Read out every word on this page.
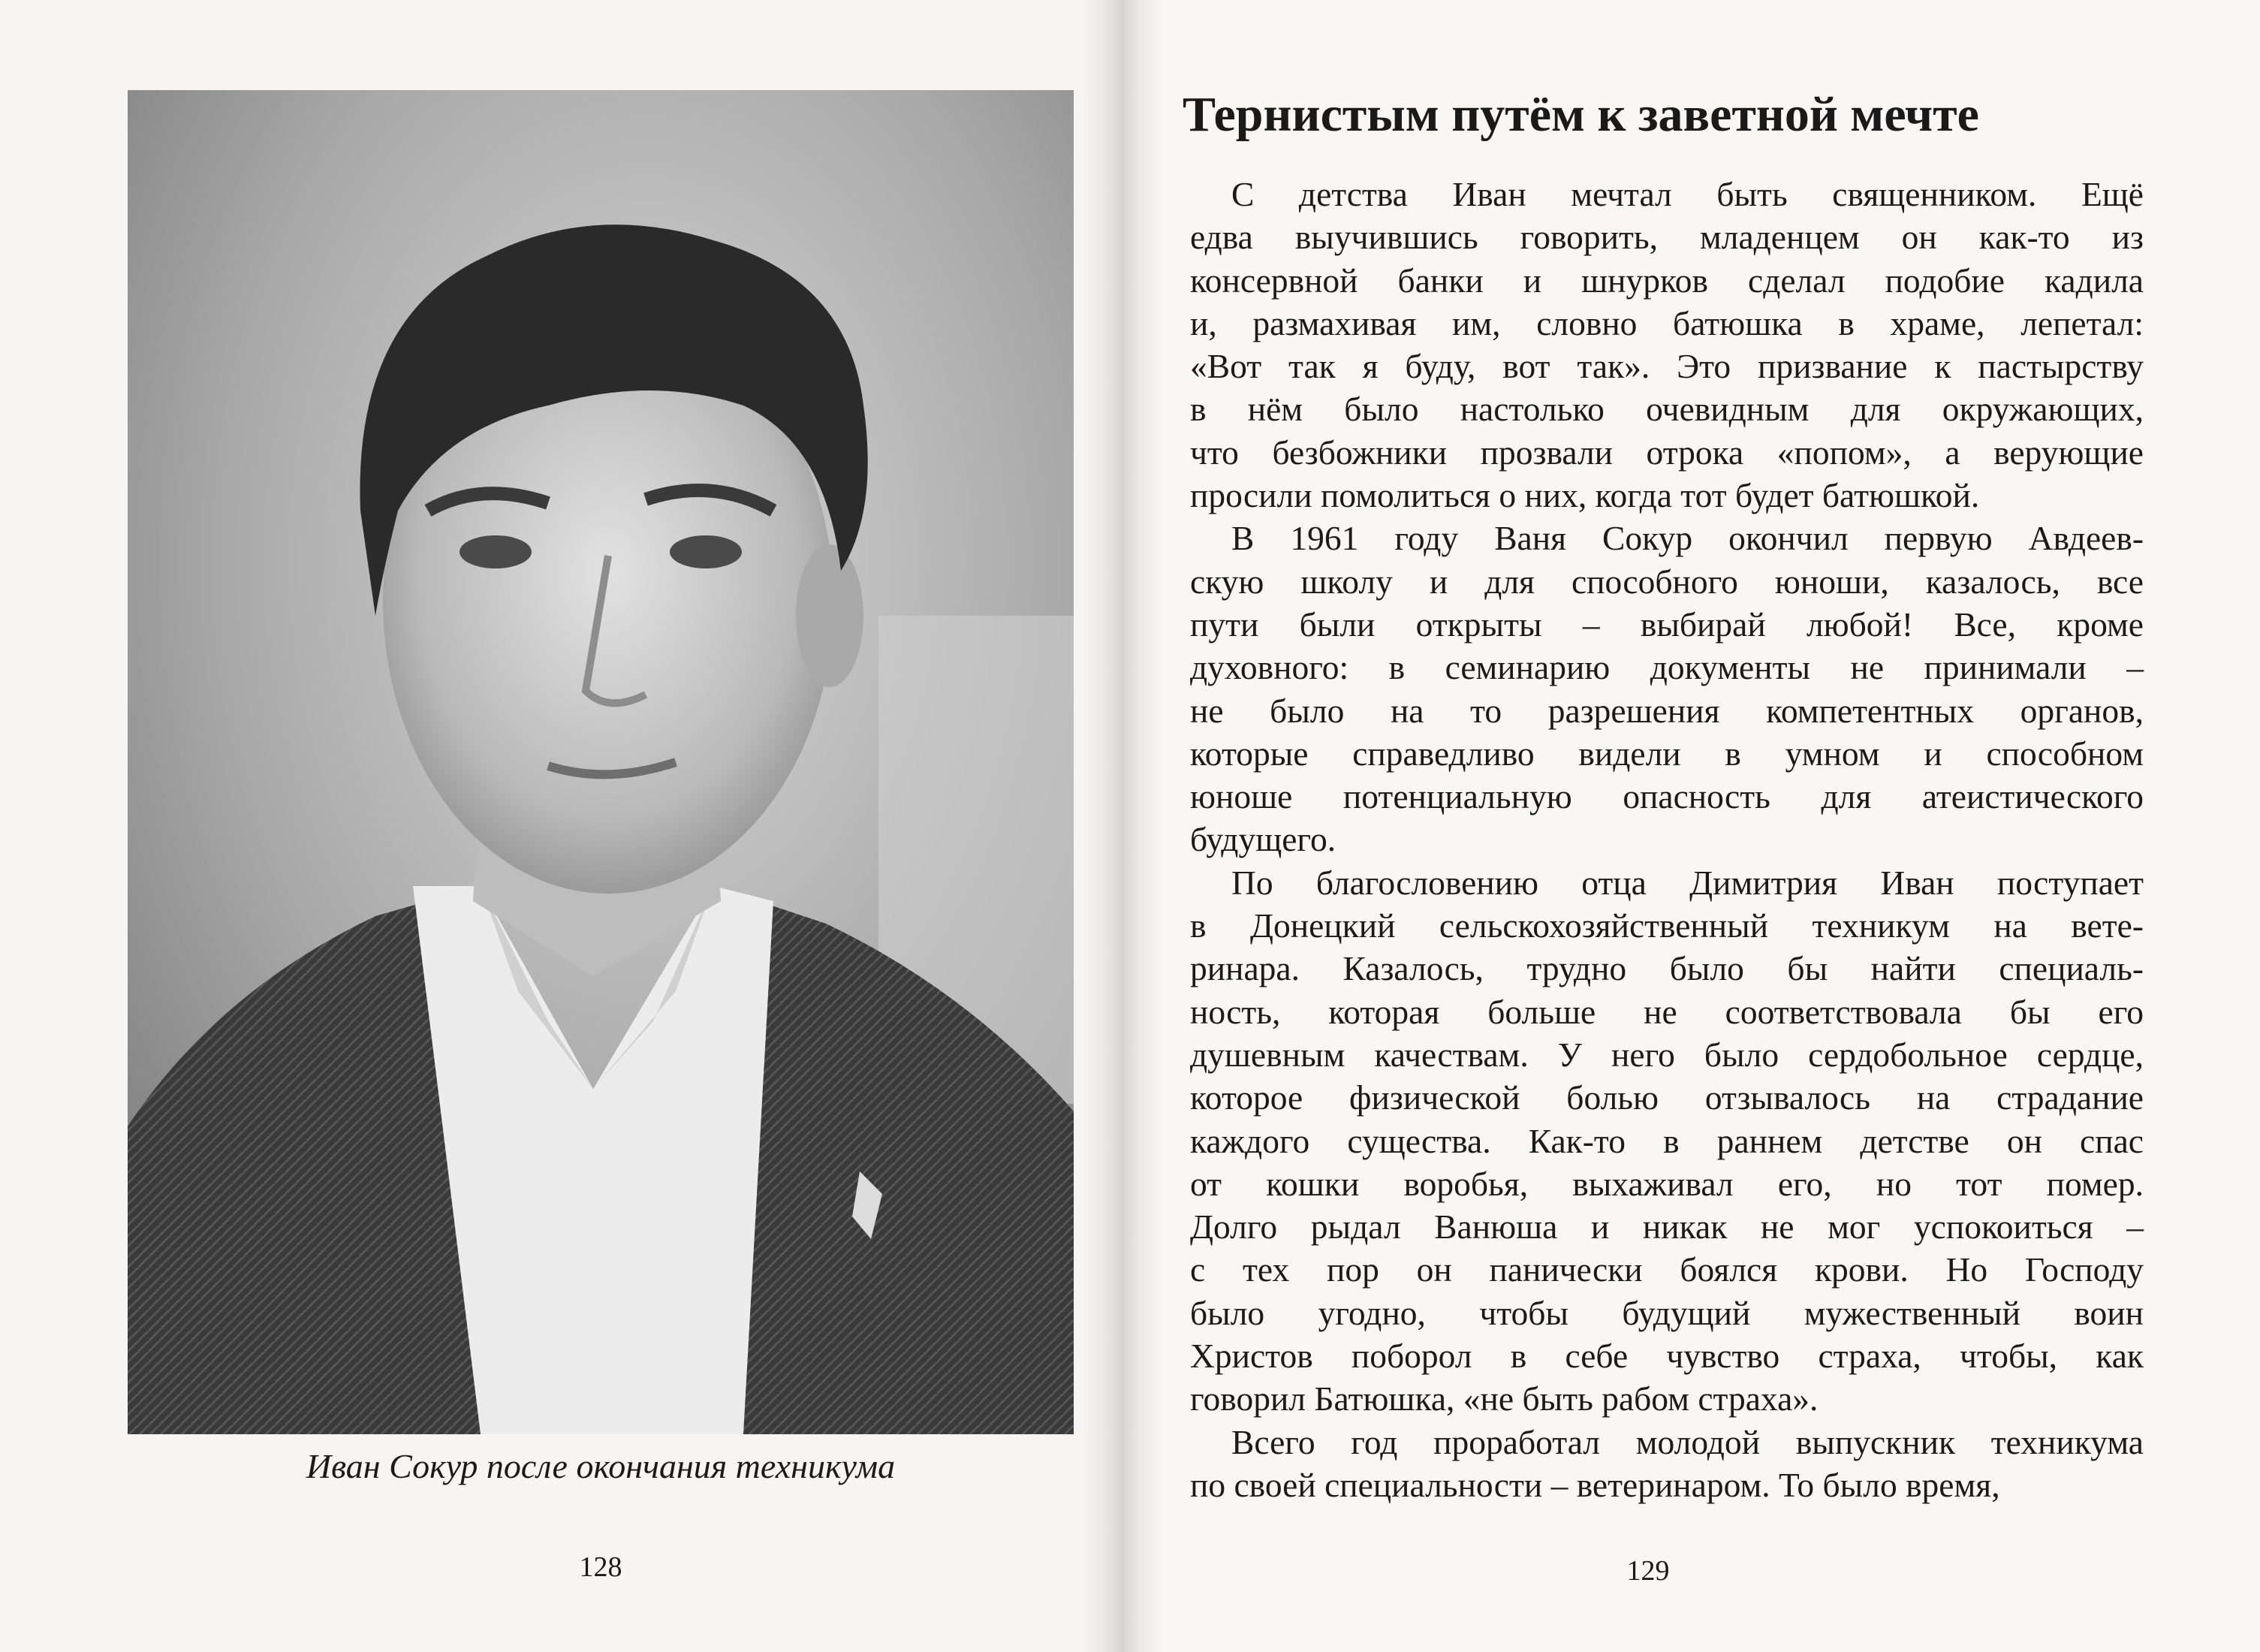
Иван Сокур после окончания техникума
128
Тернистым путём к заветной мечте
С детства Иван мечтал быть священником. Ещё
едва выучившись говорить, младенцем он как-то из
консервной банки и шнурков сделал подобие кадила
и, размахивая им, словно батюшка в храме, лепетал:
«Вот так я буду, вот так». Это призвание к пастырству
в нём было настолько очевидным для окружающих,
что безбожники прозвали отрока «попом», а верующие
просили помолиться о них, когда тот будет батюшкой.
В 1961 году Ваня Сокур окончил первую Авдеев-
скую школу и для способного юноши, казалось, все
пути были открыты – выбирай любой! Все, кроме
духовного: в семинарию документы не принимали –
не было на то разрешения компетентных органов,
которые справедливо видели в умном и способном
юноше потенциальную опасность для атеистического
будущего.
По благословению отца Димитрия Иван поступает
в Донецкий сельскохозяйственный техникум на вете-
ринара. Казалось, трудно было бы найти специаль-
ность, которая больше не соответствовала бы его
душевным качествам. У него было сердобольное сердце,
которое физической болью отзывалось на страдание
каждого существа. Как-то в раннем детстве он спас
от кошки воробья, выхаживал его, но тот помер.
Долго рыдал Ванюша и никак не мог успокоиться –
с тех пор он панически боялся крови. Но Господу
было угодно, чтобы будущий мужественный воин
Христов поборол в себе чувство страха, чтобы, как
говорил Батюшка, «не быть рабом страха».
Всего год проработал молодой выпускник техникума
по своей специальности – ветеринаром. То было время,
129
